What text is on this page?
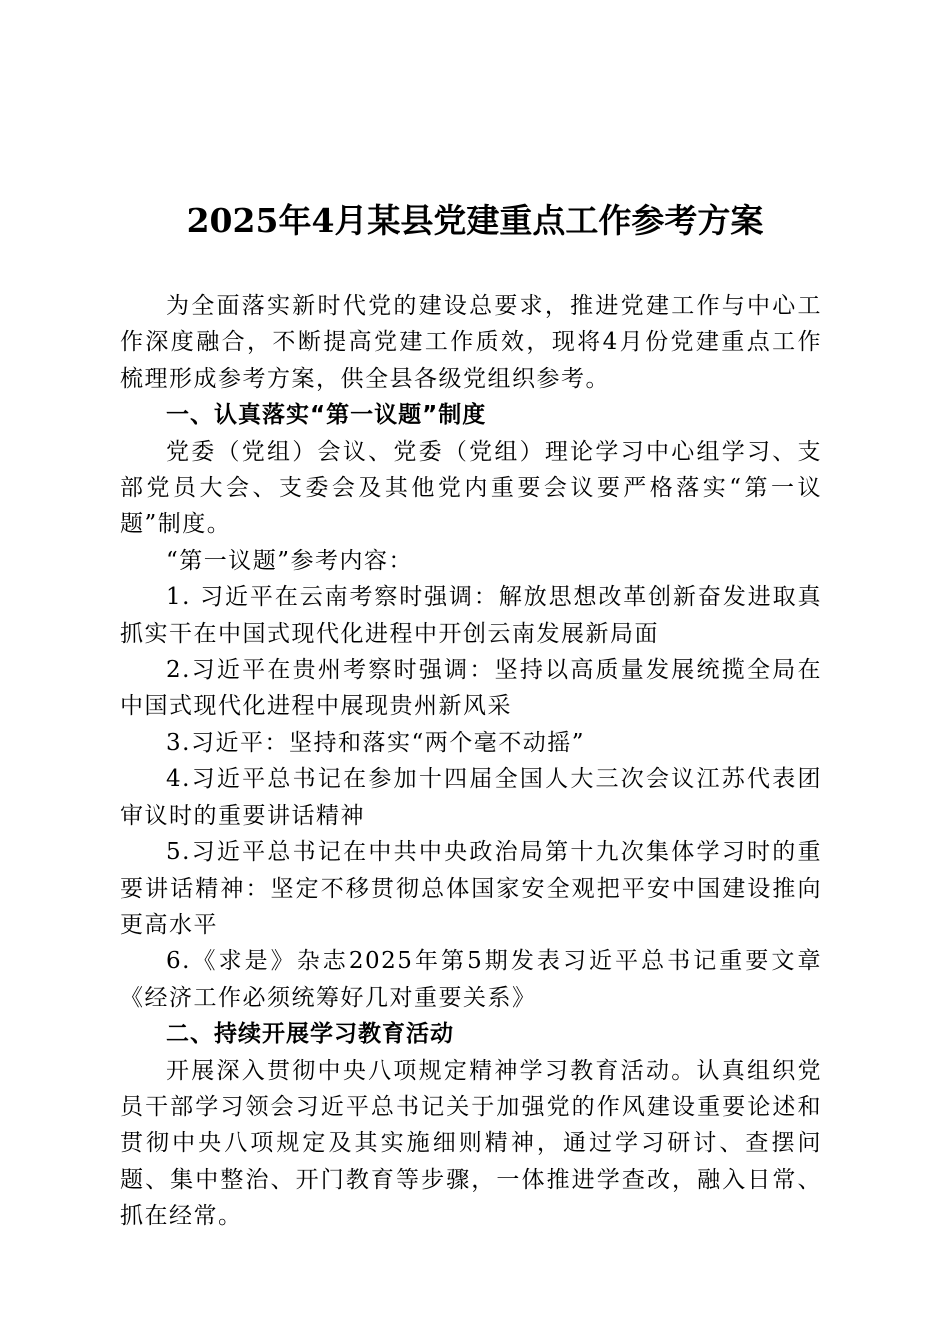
2025年4月某县党建重点工作参考方案

为全面落实新时代党的建设总要求，推进党建工作与中心工作深度融合，不断提高党建工作质效，现将4月份党建重点工作梳理形成参考方案，供全县各级党组织参考。

一、认真落实“第一议题”制度

党委（党组）会议、党委（党组）理论学习中心组学习、支部党员大会、支委会及其他党内重要会议要严格落实“第一议题”制度。

“第一议题”参考内容：

1. 习近平在云南考察时强调：解放思想改革创新奋发进取真抓实干在中国式现代化进程中开创云南发展新局面

2.习近平在贵州考察时强调：坚持以高质量发展统揽全局在中国式现代化进程中展现贵州新风采

3.习近平：坚持和落实“两个毫不动摇”

4.习近平总书记在参加十四届全国人大三次会议江苏代表团审议时的重要讲话精神

5.习近平总书记在中共中央政治局第十九次集体学习时的重要讲话精神：坚定不移贯彻总体国家安全观把平安中国建设推向更高水平

6.《求是》杂志2025年第5期发表习近平总书记重要文章《经济工作必须统筹好几对重要关系》

二、持续开展学习教育活动

开展深入贯彻中央八项规定精神学习教育活动。认真组织党员干部学习领会习近平总书记关于加强党的作风建设重要论述和贯彻中央八项规定及其实施细则精神，通过学习研讨、查摆问题、集中整治、开门教育等步骤，一体推进学查改，融入日常、抓在经常。
